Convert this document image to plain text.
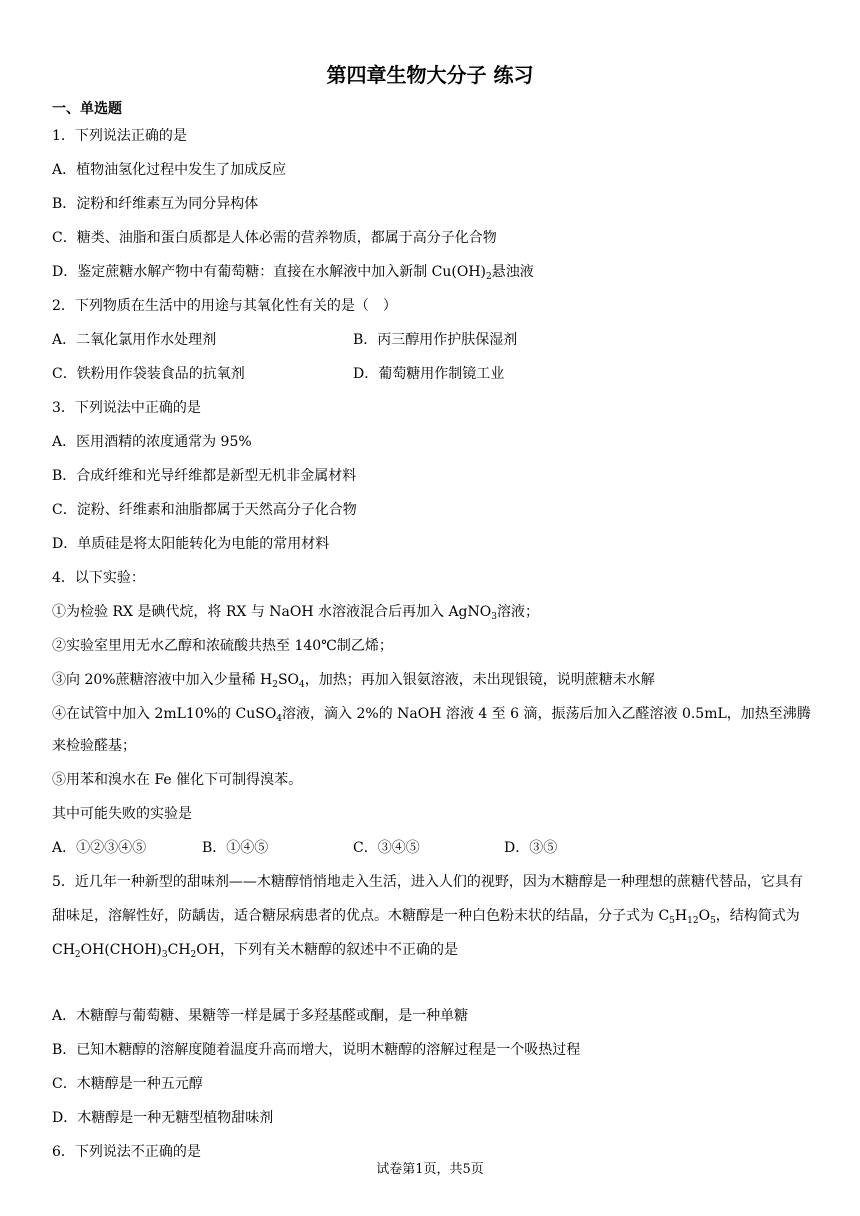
第四章生物大分子 练习
一、单选题
1．下列说法正确的是
A．植物油氢化过程中发生了加成反应
B．淀粉和纤维素互为同分异构体
C．糖类、油脂和蛋白质都是人体必需的营养物质，都属于高分子化合物
D．鉴定蔗糖水解产物中有葡萄糖：直接在水解液中加入新制 $Cu(OH)_2$悬浊液
2．下列物质在生活中的用途与其氧化性有关的是（　）
A．二氧化氯用作水处理剂	B．丙三醇用作护肤保湿剂
C．铁粉用作袋装食品的抗氧剂	D．葡萄糖用作制镜工业
3．下列说法中正确的是
A．医用酒精的浓度通常为 95%
B．合成纤维和光导纤维都是新型无机非金属材料
C．淀粉、纤维素和油脂都属于天然高分子化合物
D．单质硅是将太阳能转化为电能的常用材料
4．以下实验：
①为检验 RX 是碘代烷，将 RX 与 NaOH 水溶液混合后再加入 AgNO$_3$溶液；
②实验室里用无水乙醇和浓硫酸共热至 140℃制乙烯；
③向 20%蔗糖溶液中加入少量稀 $H_2SO_4$，加热；再加入银氨溶液，未出现银镜，说明蔗糖未水解
④在试管中加入 2mL10%的 CuSO$_4$溶液，滴入 2%的 NaOH 溶液 4 至 6 滴，振荡后加入乙醛溶液 0.5mL，加热至沸腾来检验醛基；
⑤用苯和溴水在 Fe 催化下可制得溴苯。
其中可能失败的实验是
A．①②③④⑤	B．①④⑤	C．③④⑤	D．③⑤
5．近几年一种新型的甜味剂——木糖醇悄悄地走入生活，进入人们的视野，因为木糖醇是一种理想的蔗糖代替品，它具有甜味足，溶解性好，防龋齿，适合糖尿病患者的优点。木糖醇是一种白色粉末状的结晶，分子式为 $C_5H_{12}O_5$，结构简式为 $CH_2OH(CHOH)_3CH_2OH$，下列有关木糖醇的叙述中不正确的是
A．木糖醇与葡萄糖、果糖等一样是属于多羟基醛或酮，是一种单糖
B．已知木糖醇的溶解度随着温度升高而增大，说明木糖醇的溶解过程是一个吸热过程
C．木糖醇是一种五元醇
D．木糖醇是一种无糖型植物甜味剂
6．下列说法不正确的是
试卷第1页，共5页
